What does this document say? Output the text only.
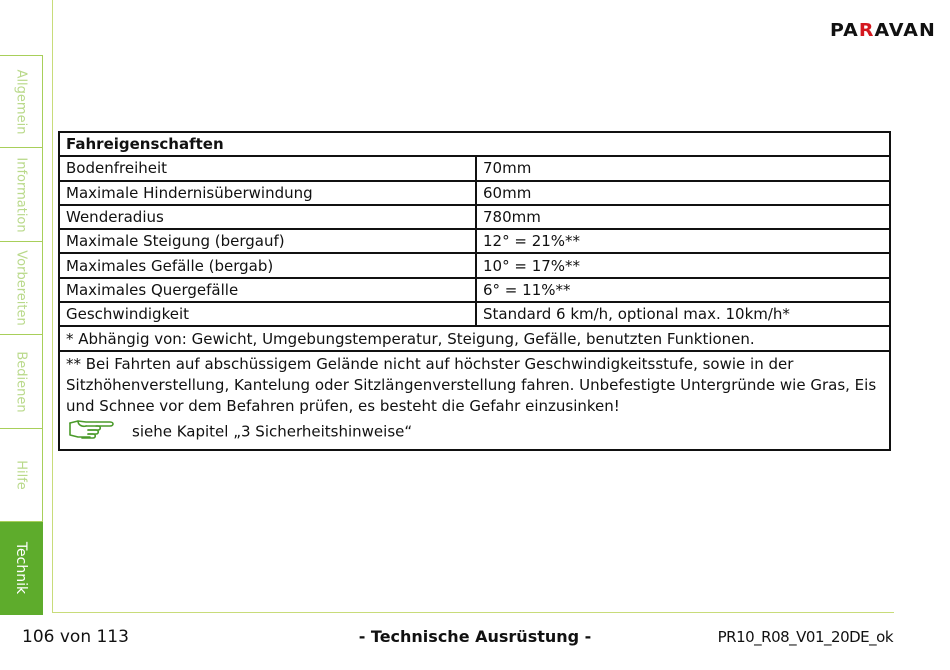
Allgemein
Information
Vorbereiten
Bedienen
Hilfe
Technik
PARAVAN
Fahreigenschaften	
Bodenfreiheit	70mm
Maximale Hindernisüberwindung	60mm
Wenderadius	780mm
Maximale Steigung (bergauf)	12° = 21%**
Maximales Gefälle (bergab)	10° = 17%**
Maximales Quergefälle	6° = 11%**
Geschwindigkeit	Standard 6 km/h, optional max. 10km/h*
* Abhängig von: Gewicht, Umgebungstemperatur, Steigung, Gefälle, benutzten Funktionen.	
** Bei Fahrten auf abschüssigem Gelände nicht auf höchster Geschwindigkeitsstufe, sowie in der Sitzhöhenverstellung, Kantelung oder Sitzlängenverstellung fahren. Unbefestigte Untergründe wie Gras, Eis und Schnee vor dem Befahren prüfen, es besteht die Gefahr einzusinken!
siehe Kapitel „3 Sicherheitshinweise“	
106 von 113	- Technische Ausrüstung -	PR10_R08_V01_20DE_ok
